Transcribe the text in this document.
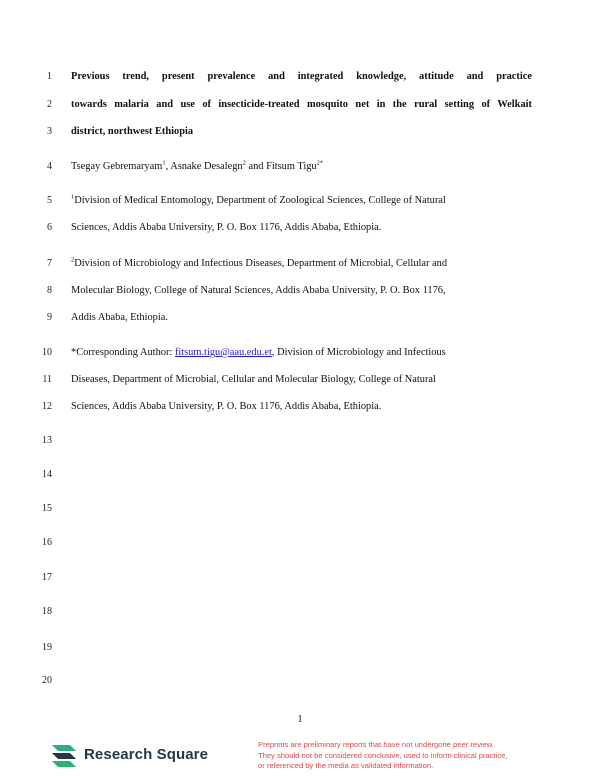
1 Previous trend, present prevalence and integrated knowledge, attitude and practice
2 towards malaria and use of insecticide-treated mosquito net in the rural setting of Welkait
3 district, northwest Ethiopia
4 Tsegay Gebremaryam$^1$, Asnake Desalegn$^2$ and Fitsum Tigu$^{2*}$
5	$^1$Division of Medical Entomology, Department of Zoological Sciences, College of Natural
6 Sciences, Addis Ababa University, P. O. Box 1176, Addis Ababa, Ethiopia.
7	$^2$Division of Microbiology and Infectious Diseases, Department of Microbial, Cellular and
8 Molecular Biology, College of Natural Sciences, Addis Ababa University, P. O. Box 1176,
9 Addis Ababa, Ethiopia.
10 *Corresponding Author: fitsum.tigu@aau.edu.et, Division of Microbiology and Infectious
11 Diseases, Department of Microbial, Cellular and Molecular Biology, College of Natural
12 Sciences, Addis Ababa University, P. O. Box 1176, Addis Ababa, Ethiopia.
13
14
15
16
17
18
19
20
1
Research Square
Preprints are preliminary reports that have not undergone peer review.
They should not be considered conclusive, used to inform clinical practice,
or referenced by the media as validated information.
